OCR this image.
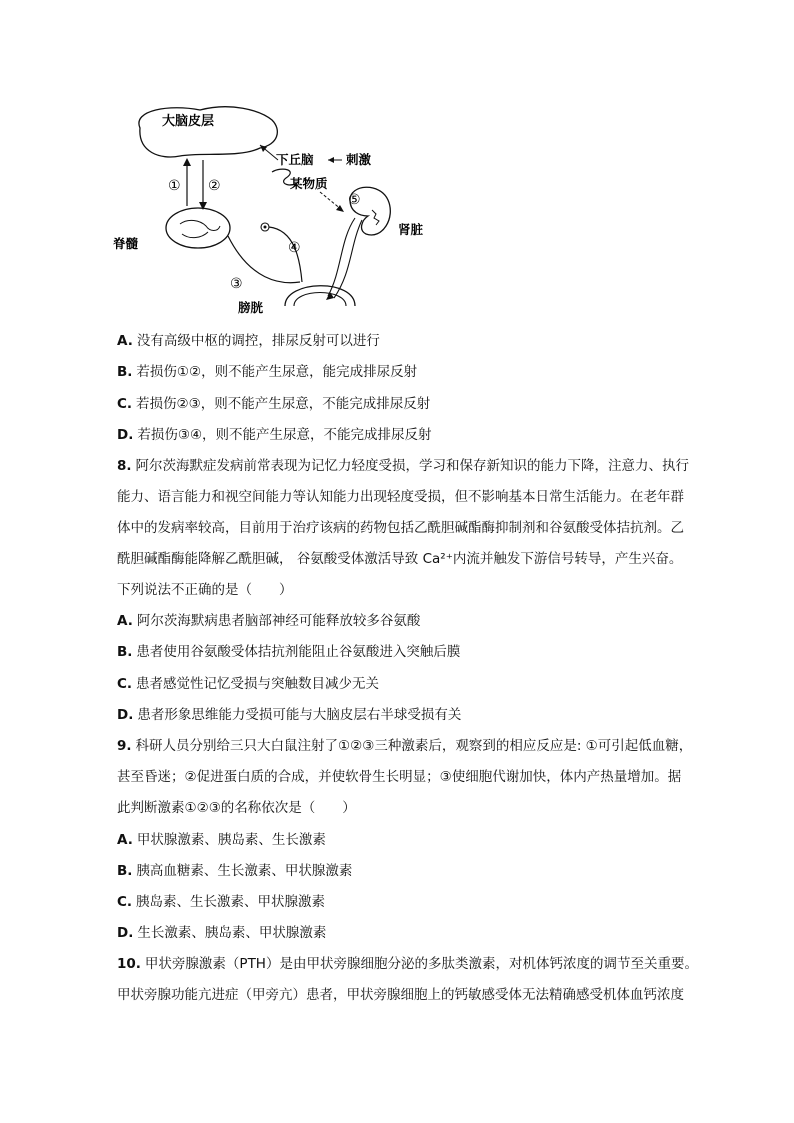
大脑皮层
下丘脑	刺激
某物质
① ②
脊髓
③
④
膀胱
肾脏
⑤
A. 没有高级中枢的调控，排尿反射可以进行
B. 若损伤①②，则不能产生尿意，能完成排尿反射
C. 若损伤②③，则不能产生尿意，不能完成排尿反射
D. 若损伤③④，则不能产生尿意，不能完成排尿反射
8. 阿尔茨海默症发病前常表现为记忆力轻度受损，学习和保存新知识的能力下降，注意力、执行
能力、语言能力和视空间能力等认知能力出现轻度受损，但不影响基本日常生活能力。在老年群
体中的发病率较高，目前用于治疗该病的药物包括乙酰胆碱酯酶抑制剂和谷氨酸受体拮抗剂。乙
酰胆碱酯酶能降解乙酰胆碱， 谷氨酸受体激活导致 Ca²⁺内流并触发下游信号转导，产生兴奋。
下列说法不正确的是（　　）
A. 阿尔茨海默病患者脑部神经可能释放较多谷氨酸
B. 患者使用谷氨酸受体拮抗剂能阻止谷氨酸进入突触后膜
C. 患者感觉性记忆受损与突触数目减少无关
D. 患者形象思维能力受损可能与大脑皮层右半球受损有关
9. 科研人员分别给三只大白鼠注射了①②③三种激素后，观察到的相应反应是: ①可引起低血糖，
甚至昏迷；②促进蛋白质的合成，并使软骨生长明显；③使细胞代谢加快，体内产热量增加。据
此判断激素①②③的名称依次是（　　）
A. 甲状腺激素、胰岛素、生长激素
B. 胰高血糖素、生长激素、甲状腺激素
C. 胰岛素、生长激素、甲状腺激素
D. 生长激素、胰岛素、甲状腺激素
10. 甲状旁腺激素（PTH）是由甲状旁腺细胞分泌的多肽类激素，对机体钙浓度的调节至关重要。
甲状旁腺功能亢进症（甲旁亢）患者，甲状旁腺细胞上的钙敏感受体无法精确感受机体血钙浓度
